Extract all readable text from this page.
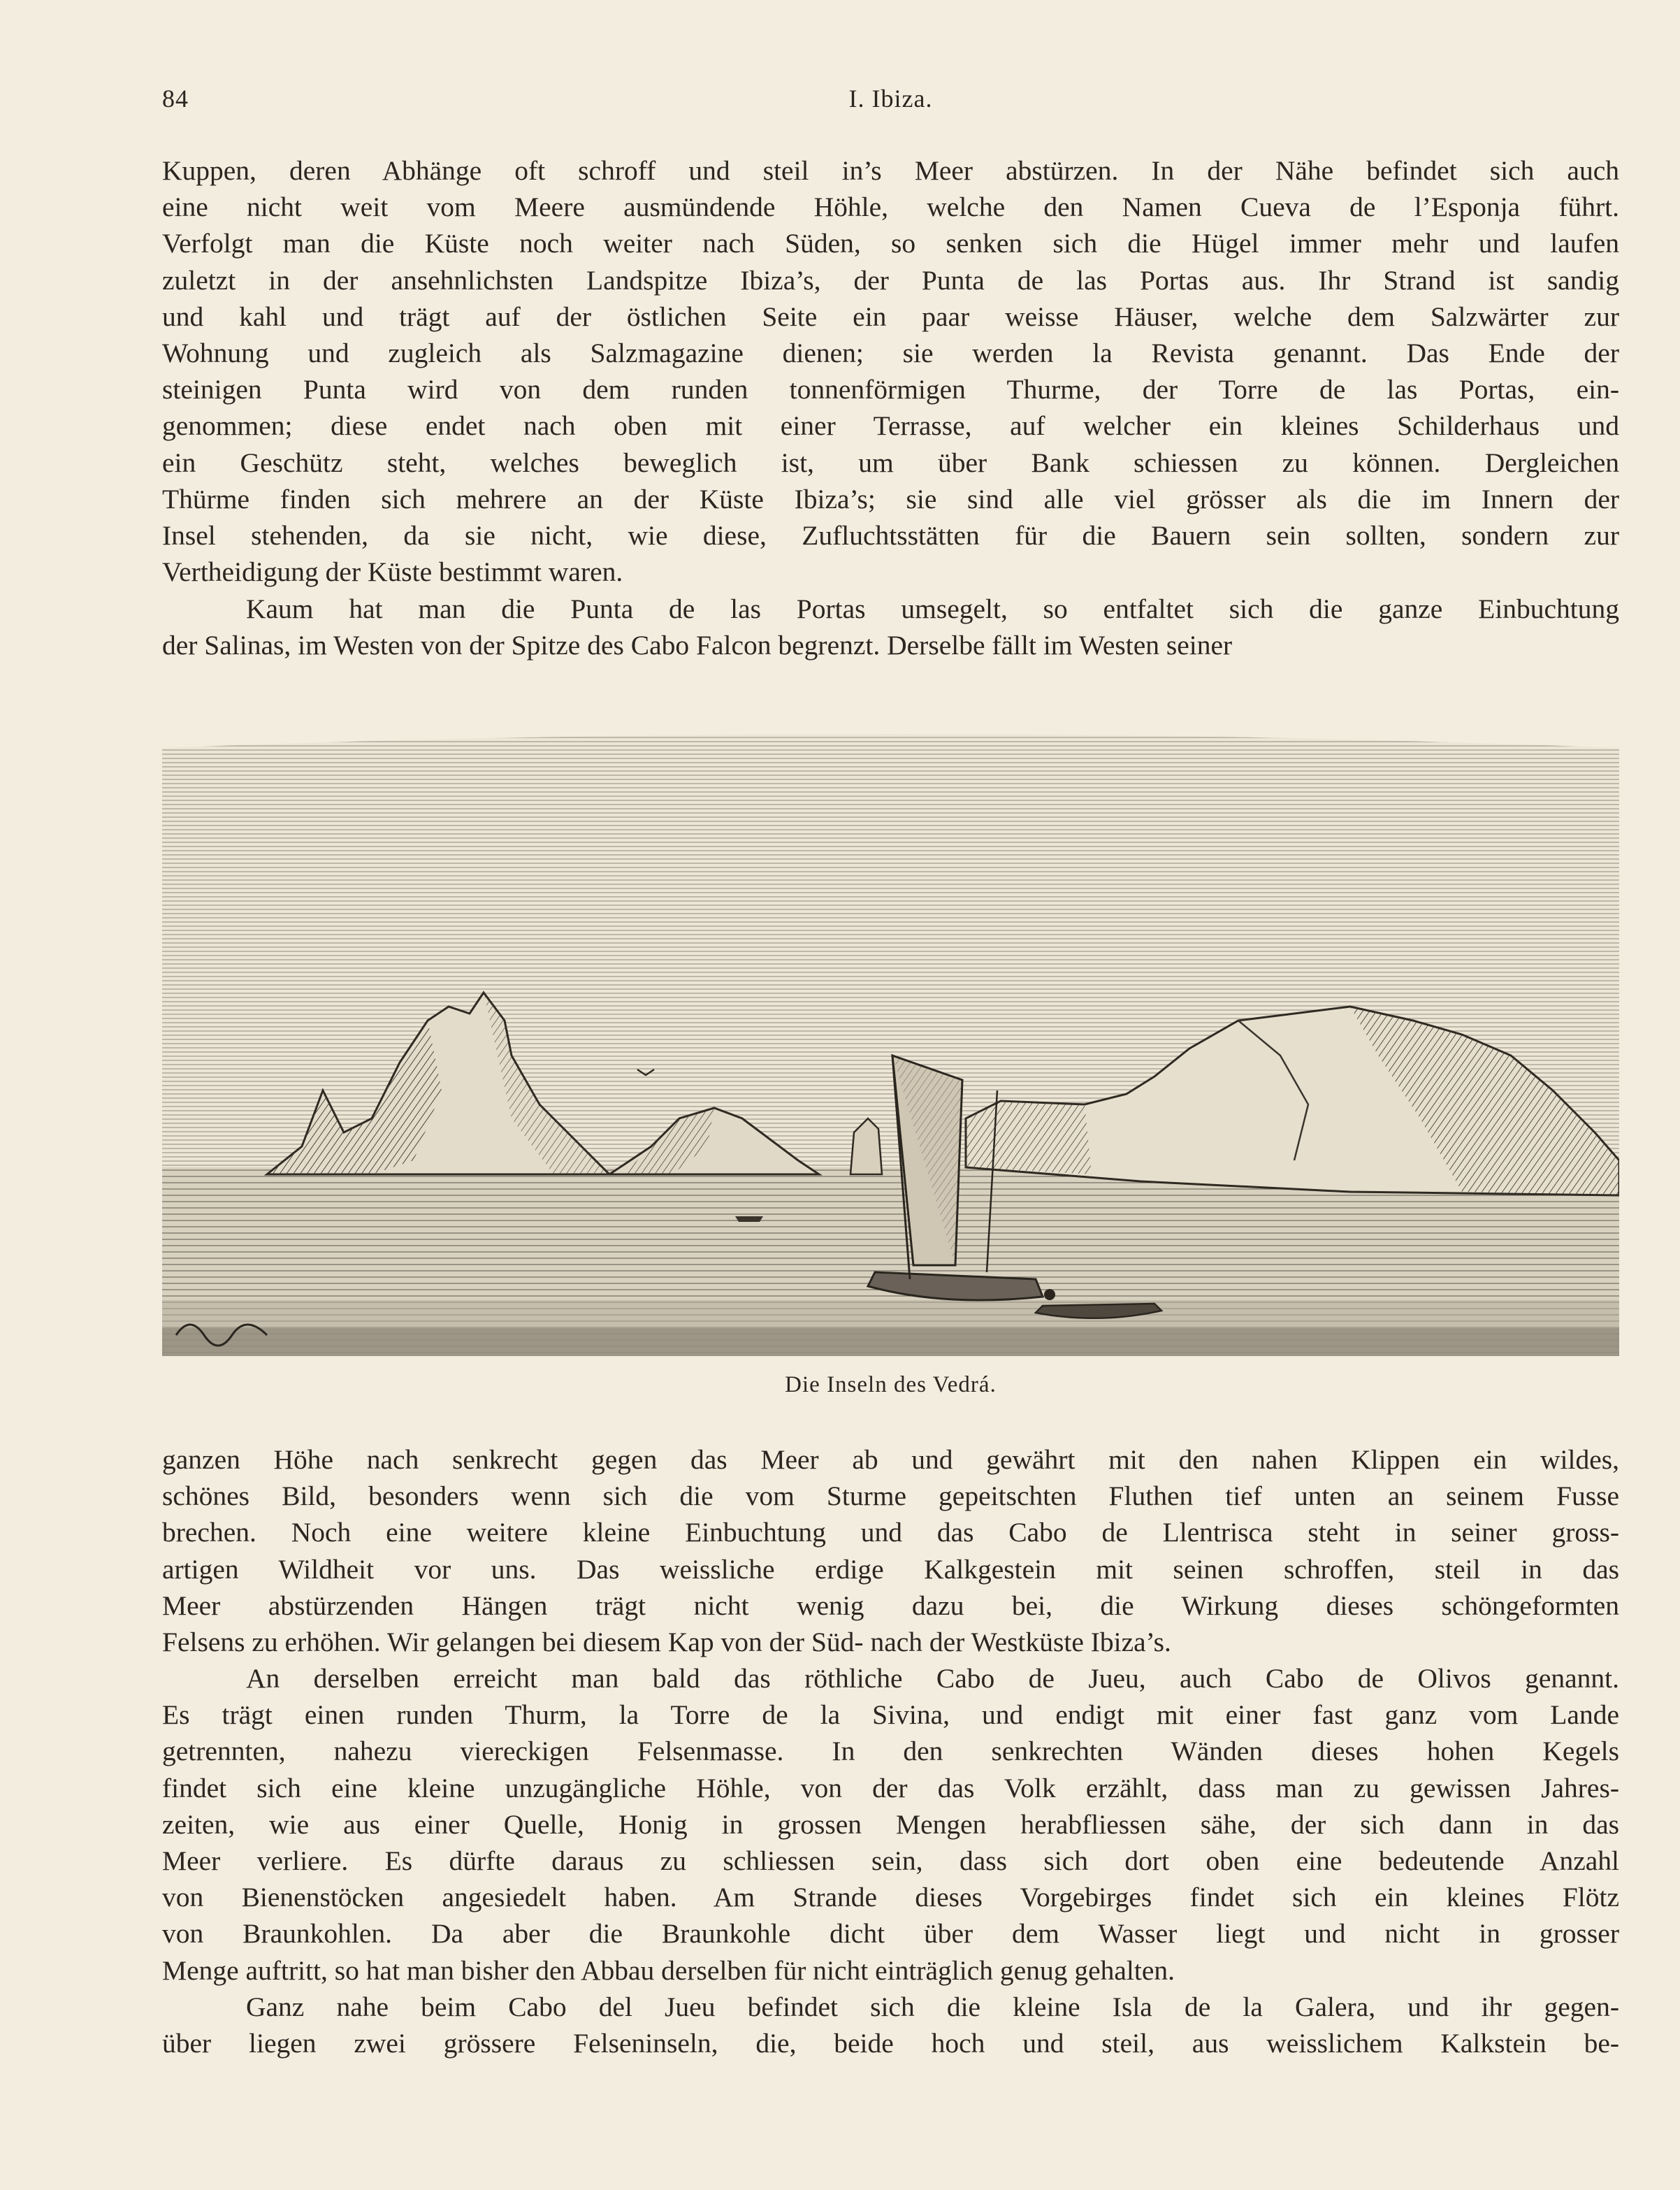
84	I. Ibiza.
Kuppen, deren Abhänge oft schroff und steil in’s Meer abstürzen. In der Nähe befindet sich auch
eine nicht weit vom Meere ausmündende Höhle, welche den Namen Cueva de l’Esponja führt.
Verfolgt man die Küste noch weiter nach Süden, so senken sich die Hügel immer mehr und laufen
zuletzt in der ansehnlichsten Landspitze Ibiza’s, der Punta de las Portas aus. Ihr Strand ist sandig
und kahl und trägt auf der östlichen Seite ein paar weisse Häuser, welche dem Salzwärter zur
Wohnung und zugleich als Salzmagazine dienen; sie werden la Revista genannt. Das Ende der
steinigen Punta wird von dem runden tonnenförmigen Thurme, der Torre de las Portas, ein-
genommen; diese endet nach oben mit einer Terrasse, auf welcher ein kleines Schilderhaus und
ein Geschütz steht, welches beweglich ist, um über Bank schiessen zu können. Dergleichen
Thürme finden sich mehrere an der Küste Ibiza’s; sie sind alle viel grösser als die im Innern der
Insel stehenden, da sie nicht, wie diese, Zufluchtsstätten für die Bauern sein sollten, sondern zur
Vertheidigung der Küste bestimmt waren.
Kaum hat man die Punta de las Portas umsegelt, so entfaltet sich die ganze Einbuchtung
der Salinas, im Westen von der Spitze des Cabo Falcon begrenzt. Derselbe fällt im Westen seiner
Die Inseln des Vedrá.
ganzen Höhe nach senkrecht gegen das Meer ab und gewährt mit den nahen Klippen ein wildes,
schönes Bild, besonders wenn sich die vom Sturme gepeitschten Fluthen tief unten an seinem Fusse
brechen. Noch eine weitere kleine Einbuchtung und das Cabo de Llentrisca steht in seiner gross-
artigen Wildheit vor uns. Das weissliche erdige Kalkgestein mit seinen schroffen, steil in das
Meer abstürzenden Hängen trägt nicht wenig dazu bei, die Wirkung dieses schöngeformten
Felsens zu erhöhen. Wir gelangen bei diesem Kap von der Süd- nach der Westküste Ibiza’s.
An derselben erreicht man bald das röthliche Cabo de Jueu, auch Cabo de Olivos genannt.
Es trägt einen runden Thurm, la Torre de la Sivina, und endigt mit einer fast ganz vom Lande
getrennten, nahezu viereckigen Felsenmasse. In den senkrechten Wänden dieses hohen Kegels
findet sich eine kleine unzugängliche Höhle, von der das Volk erzählt, dass man zu gewissen Jahres-
zeiten, wie aus einer Quelle, Honig in grossen Mengen herabfliessen sähe, der sich dann in das
Meer verliere. Es dürfte daraus zu schliessen sein, dass sich dort oben eine bedeutende Anzahl
von Bienenstöcken angesiedelt haben. Am Strande dieses Vorgebirges findet sich ein kleines Flötz
von Braunkohlen. Da aber die Braunkohle dicht über dem Wasser liegt und nicht in grosser
Menge auftritt, so hat man bisher den Abbau derselben für nicht einträglich genug gehalten.
Ganz nahe beim Cabo del Jueu befindet sich die kleine Isla de la Galera, und ihr gegen-
über liegen zwei grössere Felseninseln, die, beide hoch und steil, aus weisslichem Kalkstein be-
